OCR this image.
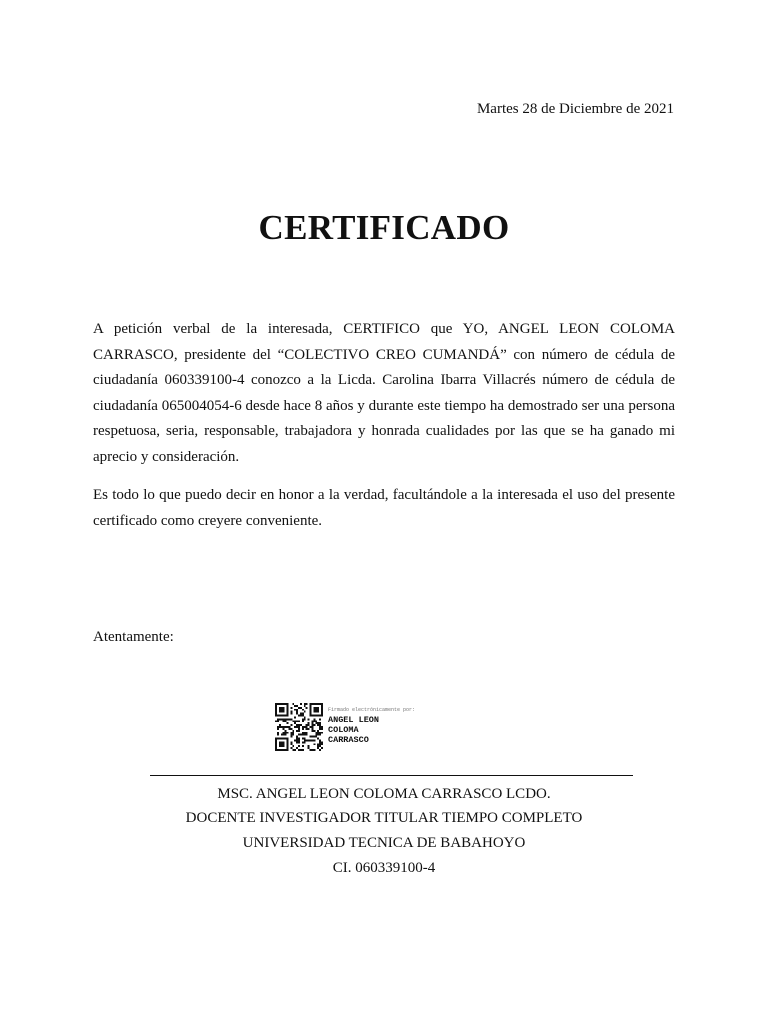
Martes 28 de Diciembre de 2021
CERTIFICADO

A petición verbal de la interesada, CERTIFICO que YO, ANGEL LEON COLOMA CARRASCO, presidente del “COLECTIVO CREO CUMANDÁ” con número de cédula de ciudadanía 060339100-4 conozco a la Licda. Carolina Ibarra Villacrés número de cédula de ciudadanía 065004054-6 desde hace 8 años y durante este tiempo ha demostrado ser una persona respetuosa, seria, responsable, trabajadora y honrada cualidades por las que se ha ganado mi aprecio y consideración.

Es todo lo que puedo decir en honor a la verdad, facultándole a la interesada el uso del presente certificado como creyere conveniente.

Atentamente:
Firmado electrónicamente por:
ANGEL LEON
COLOMA
CARRASCO
MSC. ANGEL LEON COLOMA CARRASCO LCDO.
DOCENTE INVESTIGADOR TITULAR TIEMPO COMPLETO
UNIVERSIDAD TECNICA DE BABAHOYO
CI. 060339100-4
